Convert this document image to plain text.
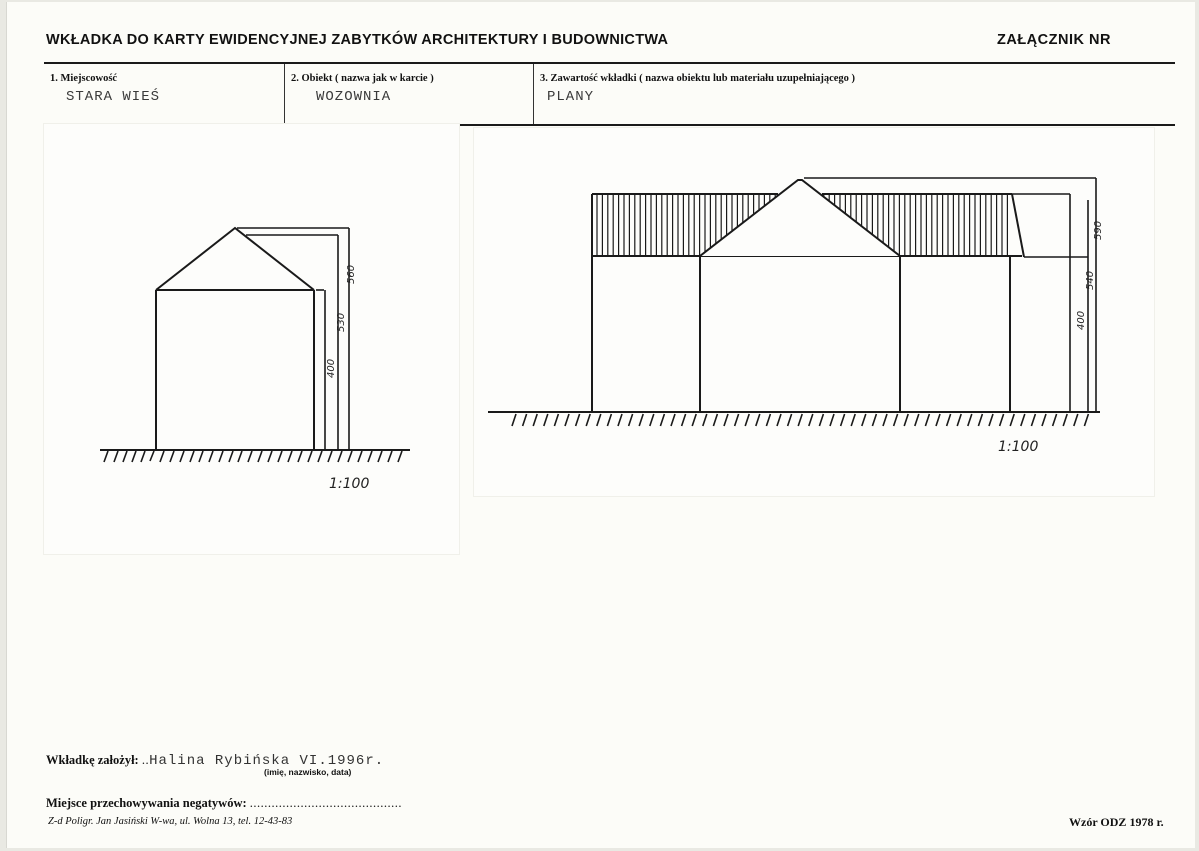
WKŁADKA DO KARTY EWIDENCYJNEJ ZABYTKÓW ARCHITEKTURY I BUDOWNICTWA	ZAŁĄCZNIK NR
1. Miejscowość
STARA WIEŚ
2. Obiekt ( nazwa jak w karcie )
WOZOWNIA
3. Zawartość wkładki ( nazwa obiektu lub materiału uzupełniającego )
PLANY
400
530
560
1:100
400
540
590
1:100
Wkładkę założył: ..Halina Rybińska VI.1996r.
(imię, nazwisko, data)
Miejsce przechowywania negatywów: ..........................................
Z-d Poligr. Jan Jasiński W-wa, ul. Wolna 13, tel. 12-43-83	Wzór ODZ 1978 r.
